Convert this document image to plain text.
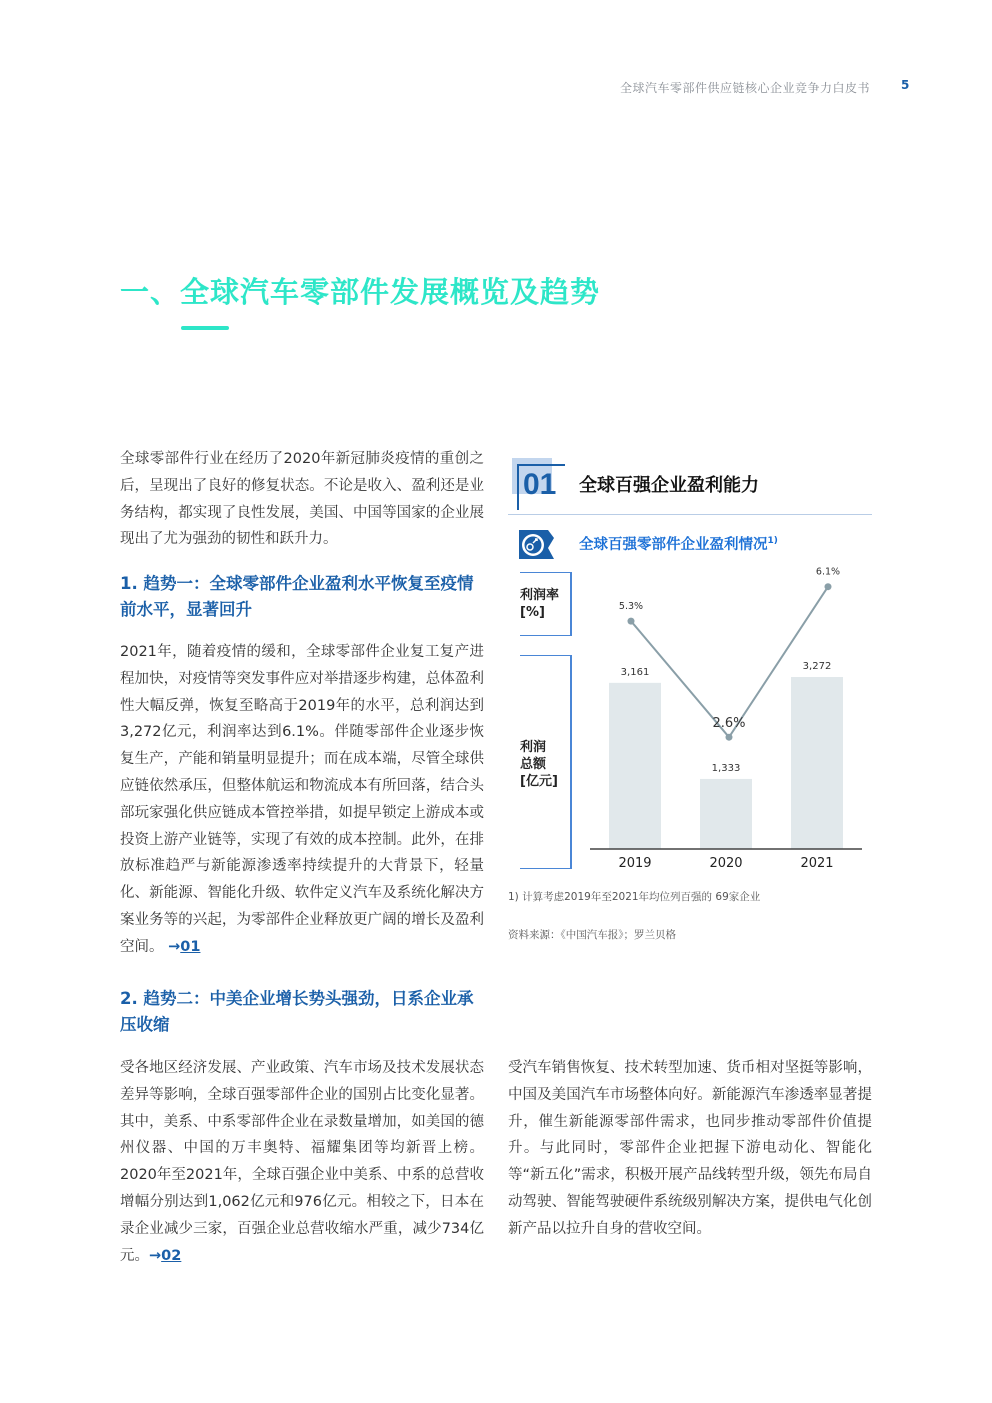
全球汽车零部件供应链核心企业竞争力白皮书	5
一、全球汽车零部件发展概览及趋势
全球零部件行业在经历了2020年新冠肺炎疫情的重创之后，呈现出了良好的修复状态。不论是收入、盈利还是业务结构，都实现了良性发展，美国、中国等国家的企业展现出了尤为强劲的韧性和跃升力。
1. 趋势一：全球零部件企业盈利水平恢复至疫情前水平，显著回升
2021年，随着疫情的缓和，全球零部件企业复工复产进程加快，对疫情等突发事件应对举措逐步构建，总体盈利性大幅反弹，恢复至略高于2019年的水平，总利润达到3,272亿元，利润率达到6.1%。伴随零部件企业逐步恢复生产，产能和销量明显提升；而在成本端，尽管全球供应链依然承压，但整体航运和物流成本有所回落，结合头部玩家强化供应链成本管控举措，如提早锁定上游成本或投资上游产业链等，实现了有效的成本控制。此外，在排放标准趋严与新能源渗透率持续提升的大背景下，轻量化、新能源、智能化升级、软件定义汽车及系统化解决方案业务等的兴起，为零部件企业释放更广阔的增长及盈利空间。 →01
2. 趋势二：中美企业增长势头强劲，日系企业承压收缩
受各地区经济发展、产业政策、汽车市场及技术发展状态差异等影响，全球百强零部件企业的国别占比变化显著。其中，美系、中系零部件企业在录数量增加，如美国的德州仪器、中国的万丰奥特、福耀集团等均新晋上榜。2020年至2021年，全球百强企业中美系、中系的总营收增幅分别达到1,062亿元和976亿元。相较之下，日本在录企业减少三家，百强企业总营收缩水严重，减少734亿元。→02
01 全球百强企业盈利能力
全球百强零部件企业盈利情况$^{1)}$
利润率[%]
利润
总额
[亿元]
3,161
2019
1,333
2020
3,272
2021
5.3%
2.6%
6.1%
1) 计算考虑2019年至2021年均位列百强的 69家企业
资料来源：《中国汽车报》；罗兰贝格
受汽车销售恢复、技术转型加速、货币相对坚挺等影响，中国及美国汽车市场整体向好。新能源汽车渗透率显著提升，催生新能源零部件需求，也同步推动零部件价值提升。与此同时，零部件企业把握下游电动化、智能化等“新五化”需求，积极开展产品线转型升级，领先布局自动驾驶、智能驾驶硬件系统级别解决方案，提供电气化创新产品以拉升自身的营收空间。
